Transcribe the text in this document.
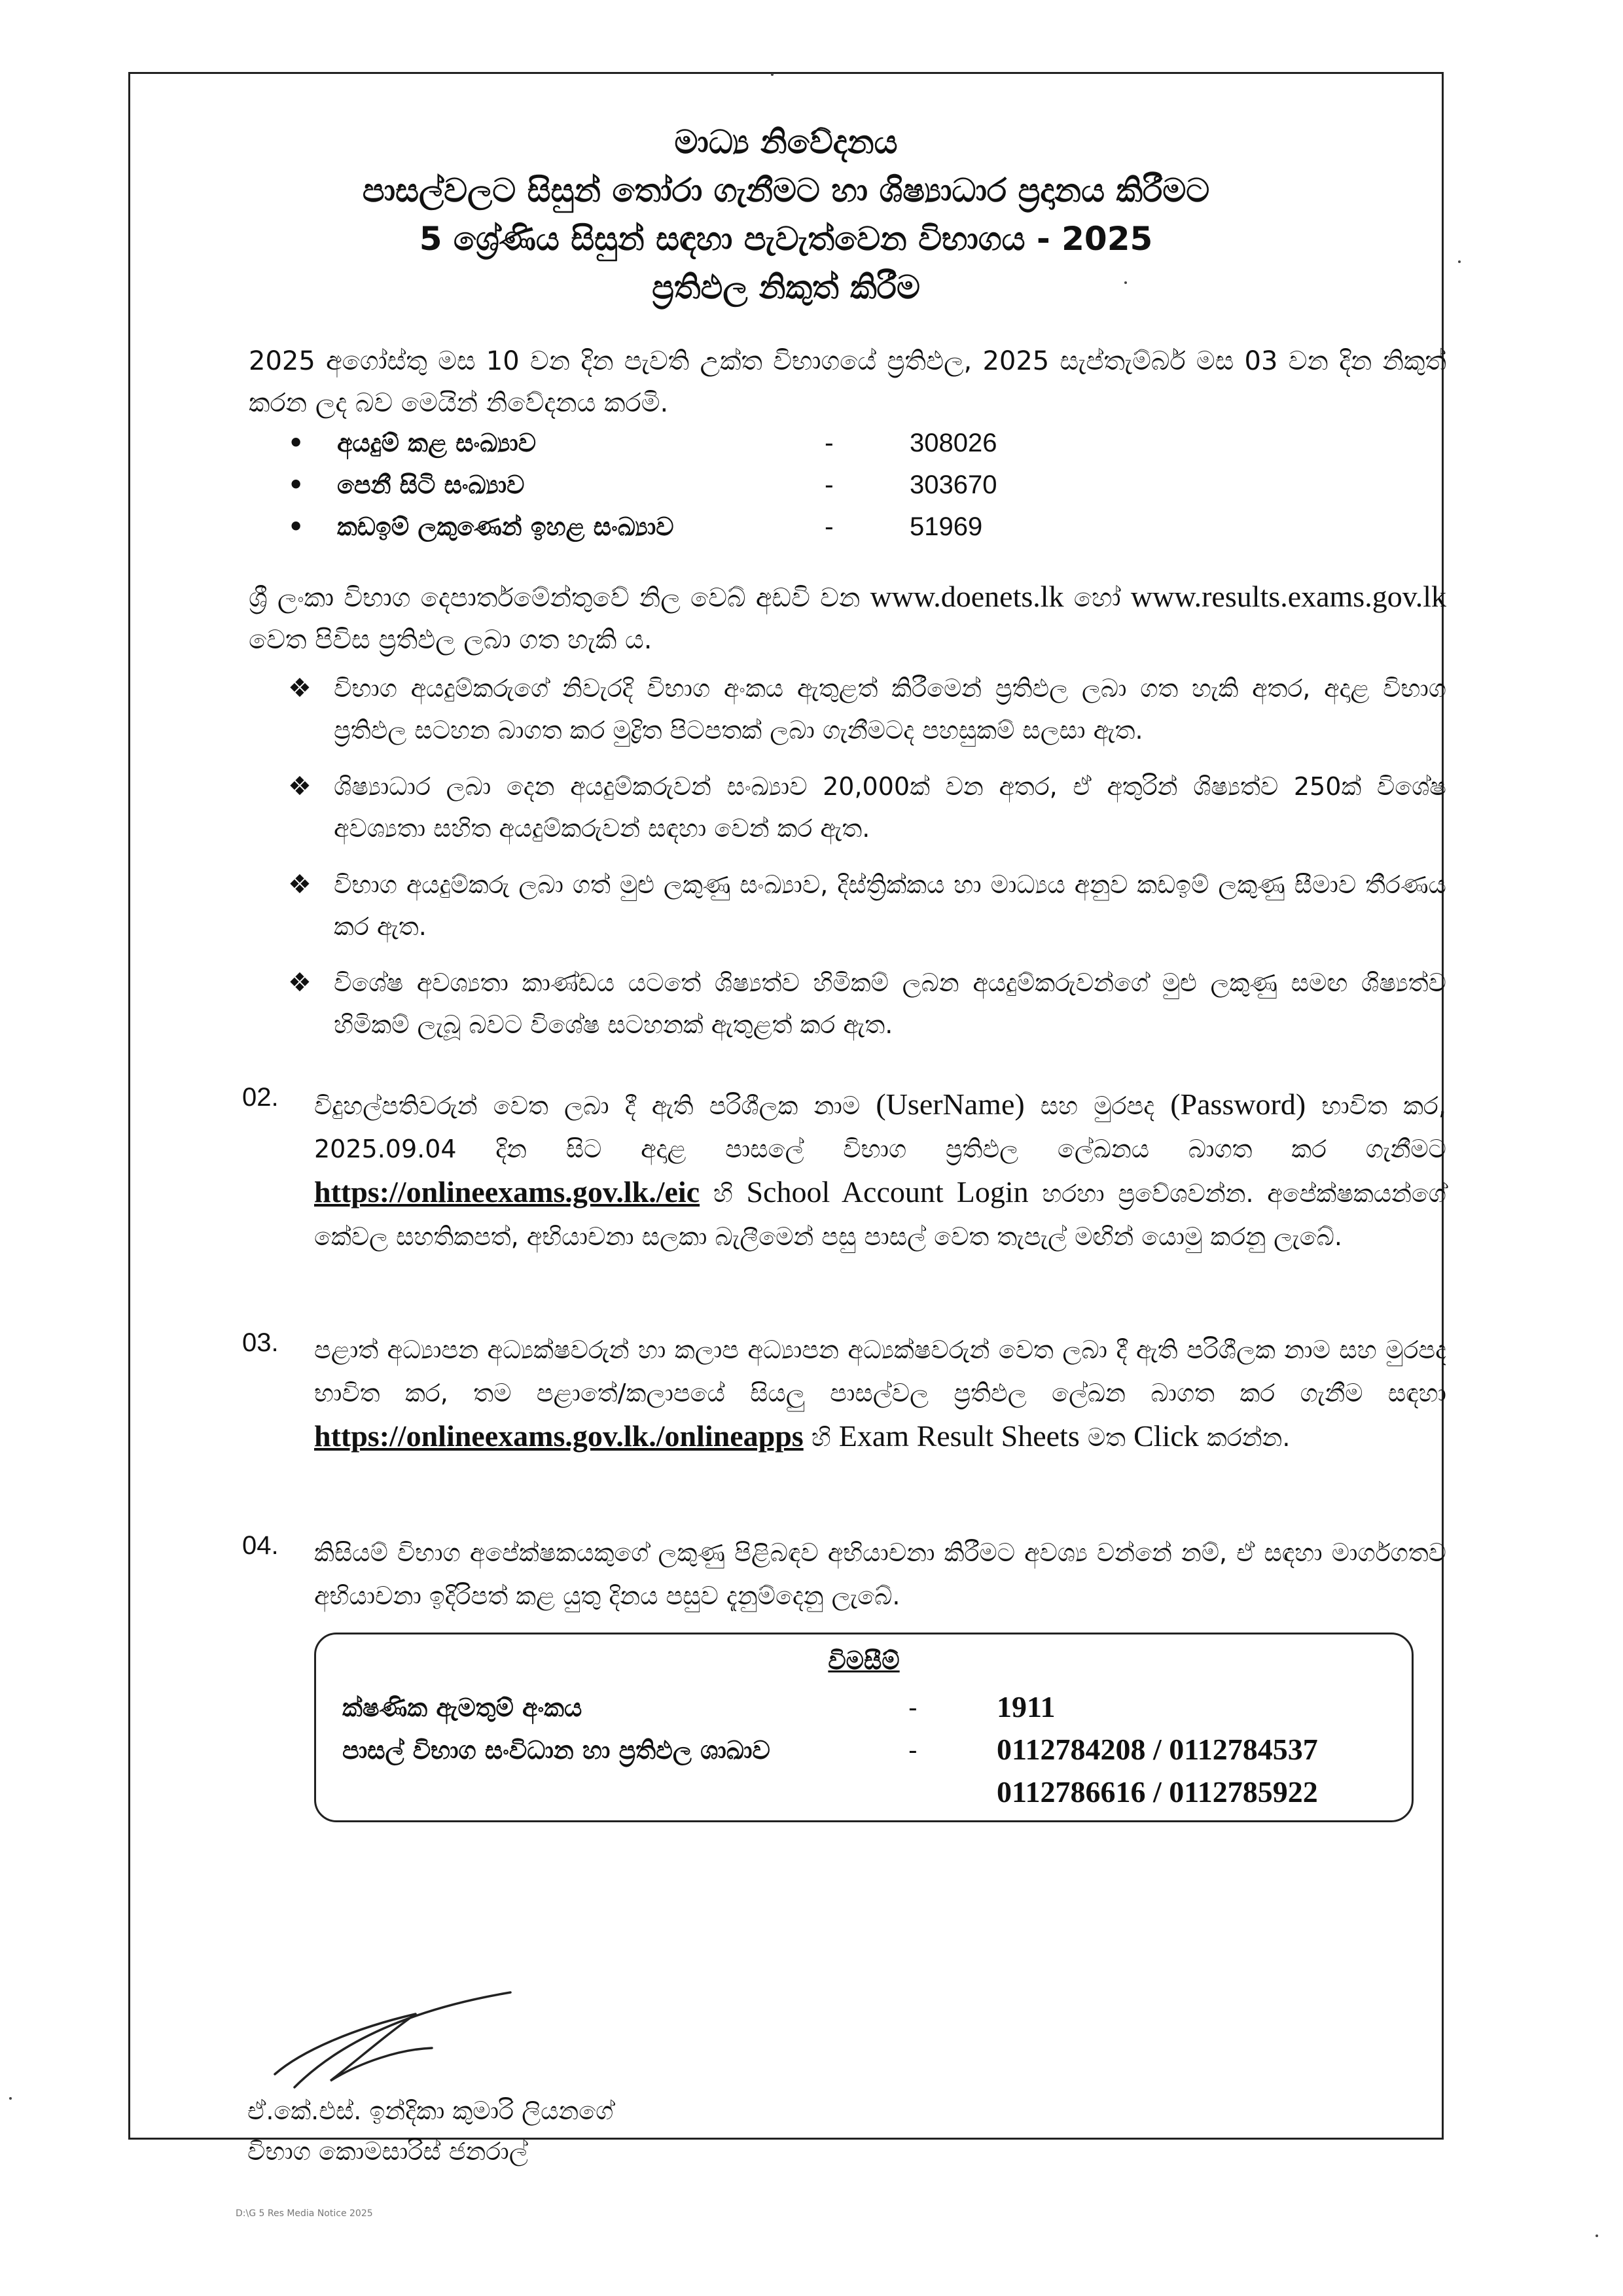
මාධ්‍ය නිවේදනය
පාසල්වලට සිසුන් තෝරා ගැනීමට හා ශිෂ්‍යාධාර ප්‍රදානය කිරීමට
5 ශ්‍රේණිය සිසුන් සඳහා පැවැත්වෙන විභාගය - 2025
ප්‍රතිඵල නිකුත් කිරීම

2025 අගෝස්තු මස 10 වන දින පැවති උක්ත විභාගයේ ප්‍රතිඵල, 2025 සැප්තැම්බර් මස 03 වන දින නිකුත් කරන ලද බව මෙයින් නිවේදනය කරමි.

• අයදුම් කළ සංඛ්‍යාව	-	308026
• පෙනී සිටි සංඛ්‍යාව	-	303670
• කඩඉම් ලකුණෙන් ඉහළ සංඛ්‍යාව	-	51969

ශ්‍රී ලංකා විභාග දෙපාර්තමේන්තුවේ නිල වෙබ් අඩවි වන www.doenets.lk හෝ www.results.exams.gov.lk වෙත පිවිස ප්‍රතිඵල ලබා ගත හැකි ය.

❖ විභාග අයදුම්කරුගේ නිවැරදි විභාග අංකය ඇතුළත් කිරීමෙන් ප්‍රතිඵල ලබා ගත හැකි අතර, අදාළ විභාග ප්‍රතිඵල සටහන බාගත කර මුද්‍රිත පිටපතක් ලබා ගැනීමටද පහසුකම් සලසා ඇත.
❖ ශිෂ්‍යාධාර ලබා දෙන අයදුම්කරුවන් සංඛ්‍යාව 20,000ක් වන අතර, ඒ අතුරින් ශිෂ්‍යත්ව 250ක් විශේෂ අවශ්‍යතා සහිත අයදුම්කරුවන් සඳහා වෙන් කර ඇත.
❖ විභාග අයදුම්කරු ලබා ගත් මුළු ලකුණු සංඛ්‍යාව, දිස්ත්‍රික්කය හා මාධ්‍යය අනුව කඩඉම් ලකුණු සීමාව තීරණය කර ඇත.
❖ විශේෂ අවශ්‍යතා කාණ්ඩය යටතේ ශිෂ්‍යත්ව හිමිකම් ලබන අයදුම්කරුවන්ගේ මුළු ලකුණු සමඟ ශිෂ්‍යත්ව හිමිකම් ලැබූ බවට විශේෂ සටහනක් ඇතුළත් කර ඇත.
02. විදුහල්පතිවරුන් වෙත ලබා දී ඇති පරිශීලක නාම (UserName) සහ මුරපද (Password) භාවිත කර, 2025.09.04 දින සිට අදාළ පාසලේ විභාග ප්‍රතිඵල ලේඛනය බාගත කර ගැනීමට https://onlineexams.gov.lk./eic හි School Account Login හරහා ප්‍රවේශවන්න. අපේක්ෂකයන්ගේ කේවල සහතිකපත්, අභියාචනා සලකා බැලීමෙන් පසු පාසල් වෙත තැපැල් මඟින් යොමු කරනු ලැබේ.
03. පළාත් අධ්‍යාපන අධ්‍යක්ෂවරුන් හා කලාප අධ්‍යාපන අධ්‍යක්ෂවරුන් වෙත ලබා දී ඇති පරිශීලක නාම සහ මුරපද භාවිත කර, තම පළාතේ/කලාපයේ සියලු පාසල්වල ප්‍රතිඵල ලේඛන බාගත කර ගැනීම සඳහා https://onlineexams.gov.lk./onlineapps හි Exam Result Sheets මත Click කරන්න.
04. කිසියම් විභාග අපේක්ෂකයකුගේ ලකුණු පිළිබඳව අභියාචනා කිරීමට අවශ්‍ය වන්නේ නම්, ඒ සඳහා මාර්ගගතව අභියාචනා ඉදිරිපත් කළ යුතු දිනය පසුව දැනුම්දෙනු ලැබේ.
විමසීම්
ක්ෂණික ඇමතුම් අංකය	-	1911
පාසල් විභාග සංවිධාන හා ප්‍රතිඵල ශාඛාව	-	0112784208 / 0112784537
0112786616 / 0112785922
ඒ.කේ.එස්. ඉන්දිකා කුමාරි ලියනගේ
විභාග කොමසාරිස් ජනරාල්
D:\G 5 Res Media Notice 2025
